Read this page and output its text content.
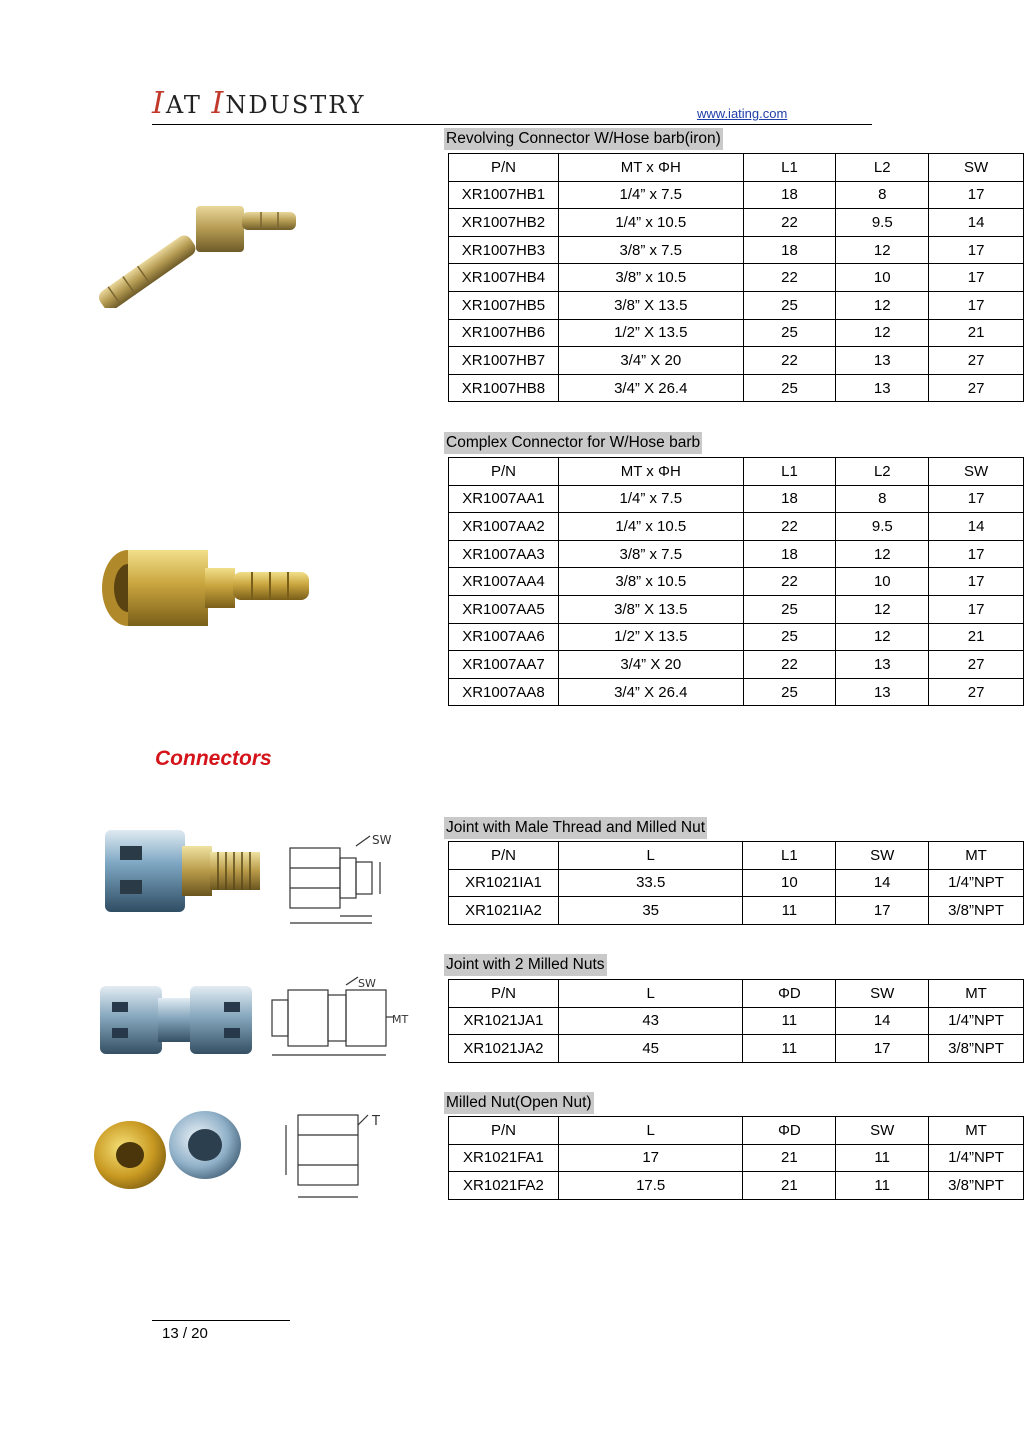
IAT INDUSTRY	www.iating.com
Revolving Connector W/Hose barb(iron)
P/N	MT x ΦH	L1	L2	SW
XR1007HB1	1/4” x 7.5	18	8	17
XR1007HB2	1/4” x 10.5	22	9.5	14
XR1007HB3	3/8” x 7.5	18	12	17
XR1007HB4	3/8” x 10.5	22	10	17
XR1007HB5	3/8” X 13.5	25	12	17
XR1007HB6	1/2” X 13.5	25	12	21
XR1007HB7	3/4” X 20	22	13	27
XR1007HB8	3/4” X 26.4	25	13	27
Complex Connector for W/Hose barb
P/N	MT x ΦH	L1	L2	SW
XR1007AA1	1/4” x 7.5	18	8	17
XR1007AA2	1/4” x 10.5	22	9.5	14
XR1007AA3	3/8” x 7.5	18	12	17
XR1007AA4	3/8” x 10.5	22	10	17
XR1007AA5	3/8” X 13.5	25	12	17
XR1007AA6	1/2” X 13.5	25	12	21
XR1007AA7	3/4” X 20	22	13	27
XR1007AA8	3/4” X 26.4	25	13	27
Connectors
SW
Joint with Male Thread and Milled Nut
P/N	L	L1	SW	MT
XR1021IA1	33.5	10	14	1/4”NPT
XR1021IA2	35	11	17	3/8”NPT
SW
MT
Joint with 2 Milled Nuts
P/N	L	ΦD	SW	MT
XR1021JA1	43	11	14	1/4”NPT
XR1021JA2	45	11	17	3/8”NPT
T
Milled Nut(Open Nut)
P/N	L	ΦD	SW	MT
XR1021FA1	17	21	11	1/4”NPT
XR1021FA2	17.5	21	11	3/8”NPT
13 / 20
